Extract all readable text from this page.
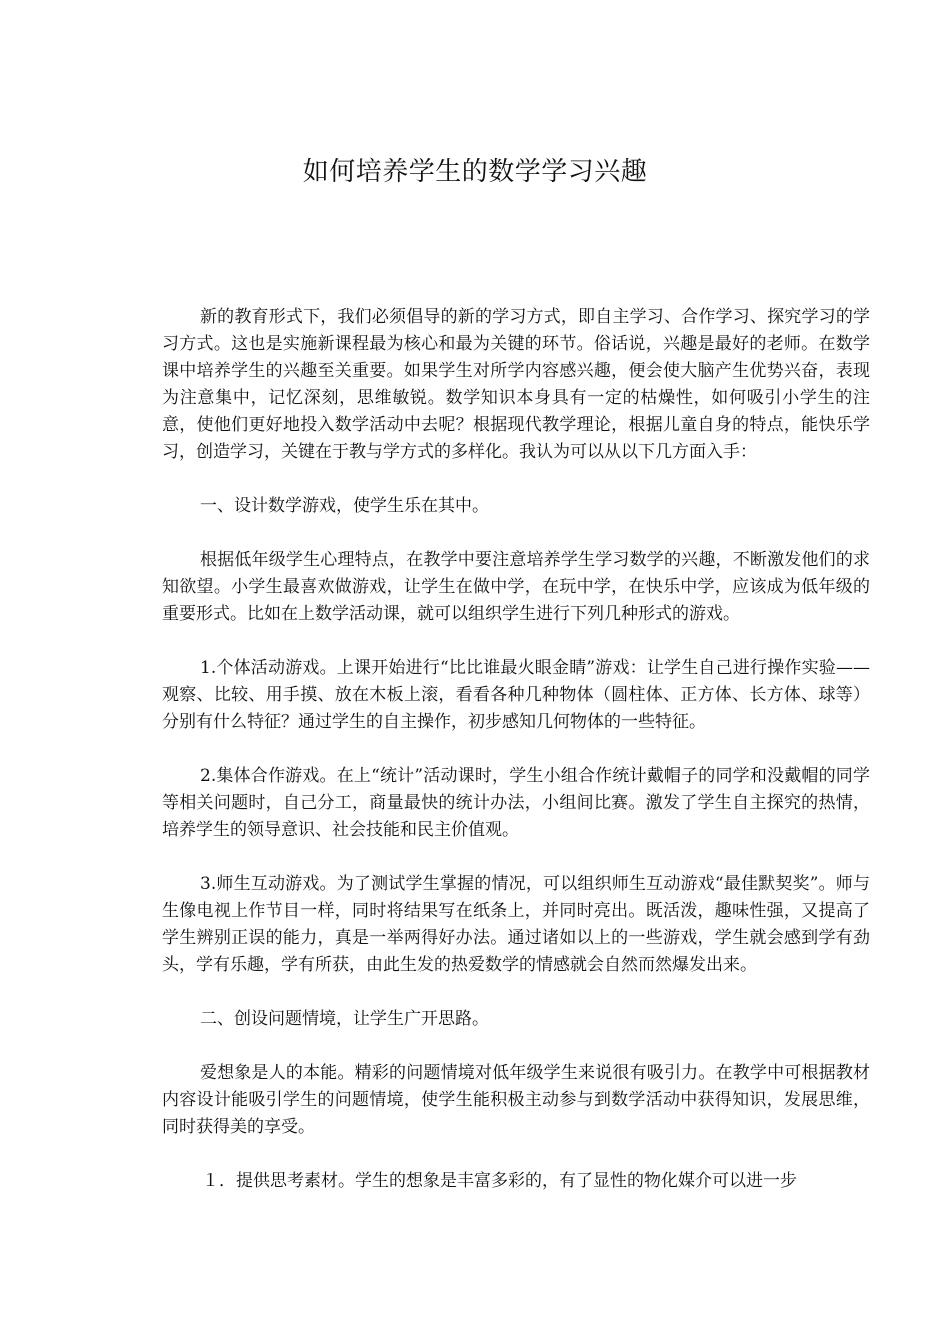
如何培养学生的数学学习兴趣

新的教育形式下，我们必须倡导的新的学习方式，即自主学习、合作学习、探究学习的学习方式。这也是实施新课程最为核心和最为关键的环节。俗话说，兴趣是最好的老师。在数学课中培养学生的兴趣至关重要。如果学生对所学内容感兴趣，便会使大脑产生优势兴奋，表现为注意集中，记忆深刻，思维敏锐。数学知识本身具有一定的枯燥性，如何吸引小学生的注意，使他们更好地投入数学活动中去呢？根据现代教学理论，根据儿童自身的特点，能快乐学习，创造学习，关键在于教与学方式的多样化。我认为可以从以下几方面入手：

一、设计数学游戏，使学生乐在其中。

根据低年级学生心理特点，在教学中要注意培养学生学习数学的兴趣，不断激发他们的求知欲望。小学生最喜欢做游戏，让学生在做中学，在玩中学，在快乐中学，应该成为低年级的重要形式。比如在上数学活动课，就可以组织学生进行下列几种形式的游戏。

1.个体活动游戏。上课开始进行“比比谁最火眼金睛”游戏：让学生自己进行操作实验——观察、比较、用手摸、放在木板上滚，看看各种几种物体（圆柱体、正方体、长方体、球等）分别有什么特征？通过学生的自主操作，初步感知几何物体的一些特征。

2.集体合作游戏。在上“统计”活动课时，学生小组合作统计戴帽子的同学和没戴帽的同学等相关问题时，自己分工，商量最快的统计办法，小组间比赛。激发了学生自主探究的热情，培养学生的领导意识、社会技能和民主价值观。

3.师生互动游戏。为了测试学生掌握的情况，可以组织师生互动游戏“最佳默契奖”。师与生像电视上作节目一样，同时将结果写在纸条上，并同时亮出。既活泼，趣味性强，又提高了学生辨别正误的能力，真是一举两得好办法。通过诸如以上的一些游戏，学生就会感到学有劲头，学有乐趣，学有所获，由此生发的热爱数学的情感就会自然而然爆发出来。

二、创设问题情境，让学生广开思路。

爱想象是人的本能。精彩的问题情境对低年级学生来说很有吸引力。在教学中可根据教材内容设计能吸引学生的问题情境，使学生能积极主动参与到数学活动中获得知识，发展思维，同时获得美的享受。

１．提供思考素材。学生的想象是丰富多彩的，有了显性的物化媒介可以进一步
